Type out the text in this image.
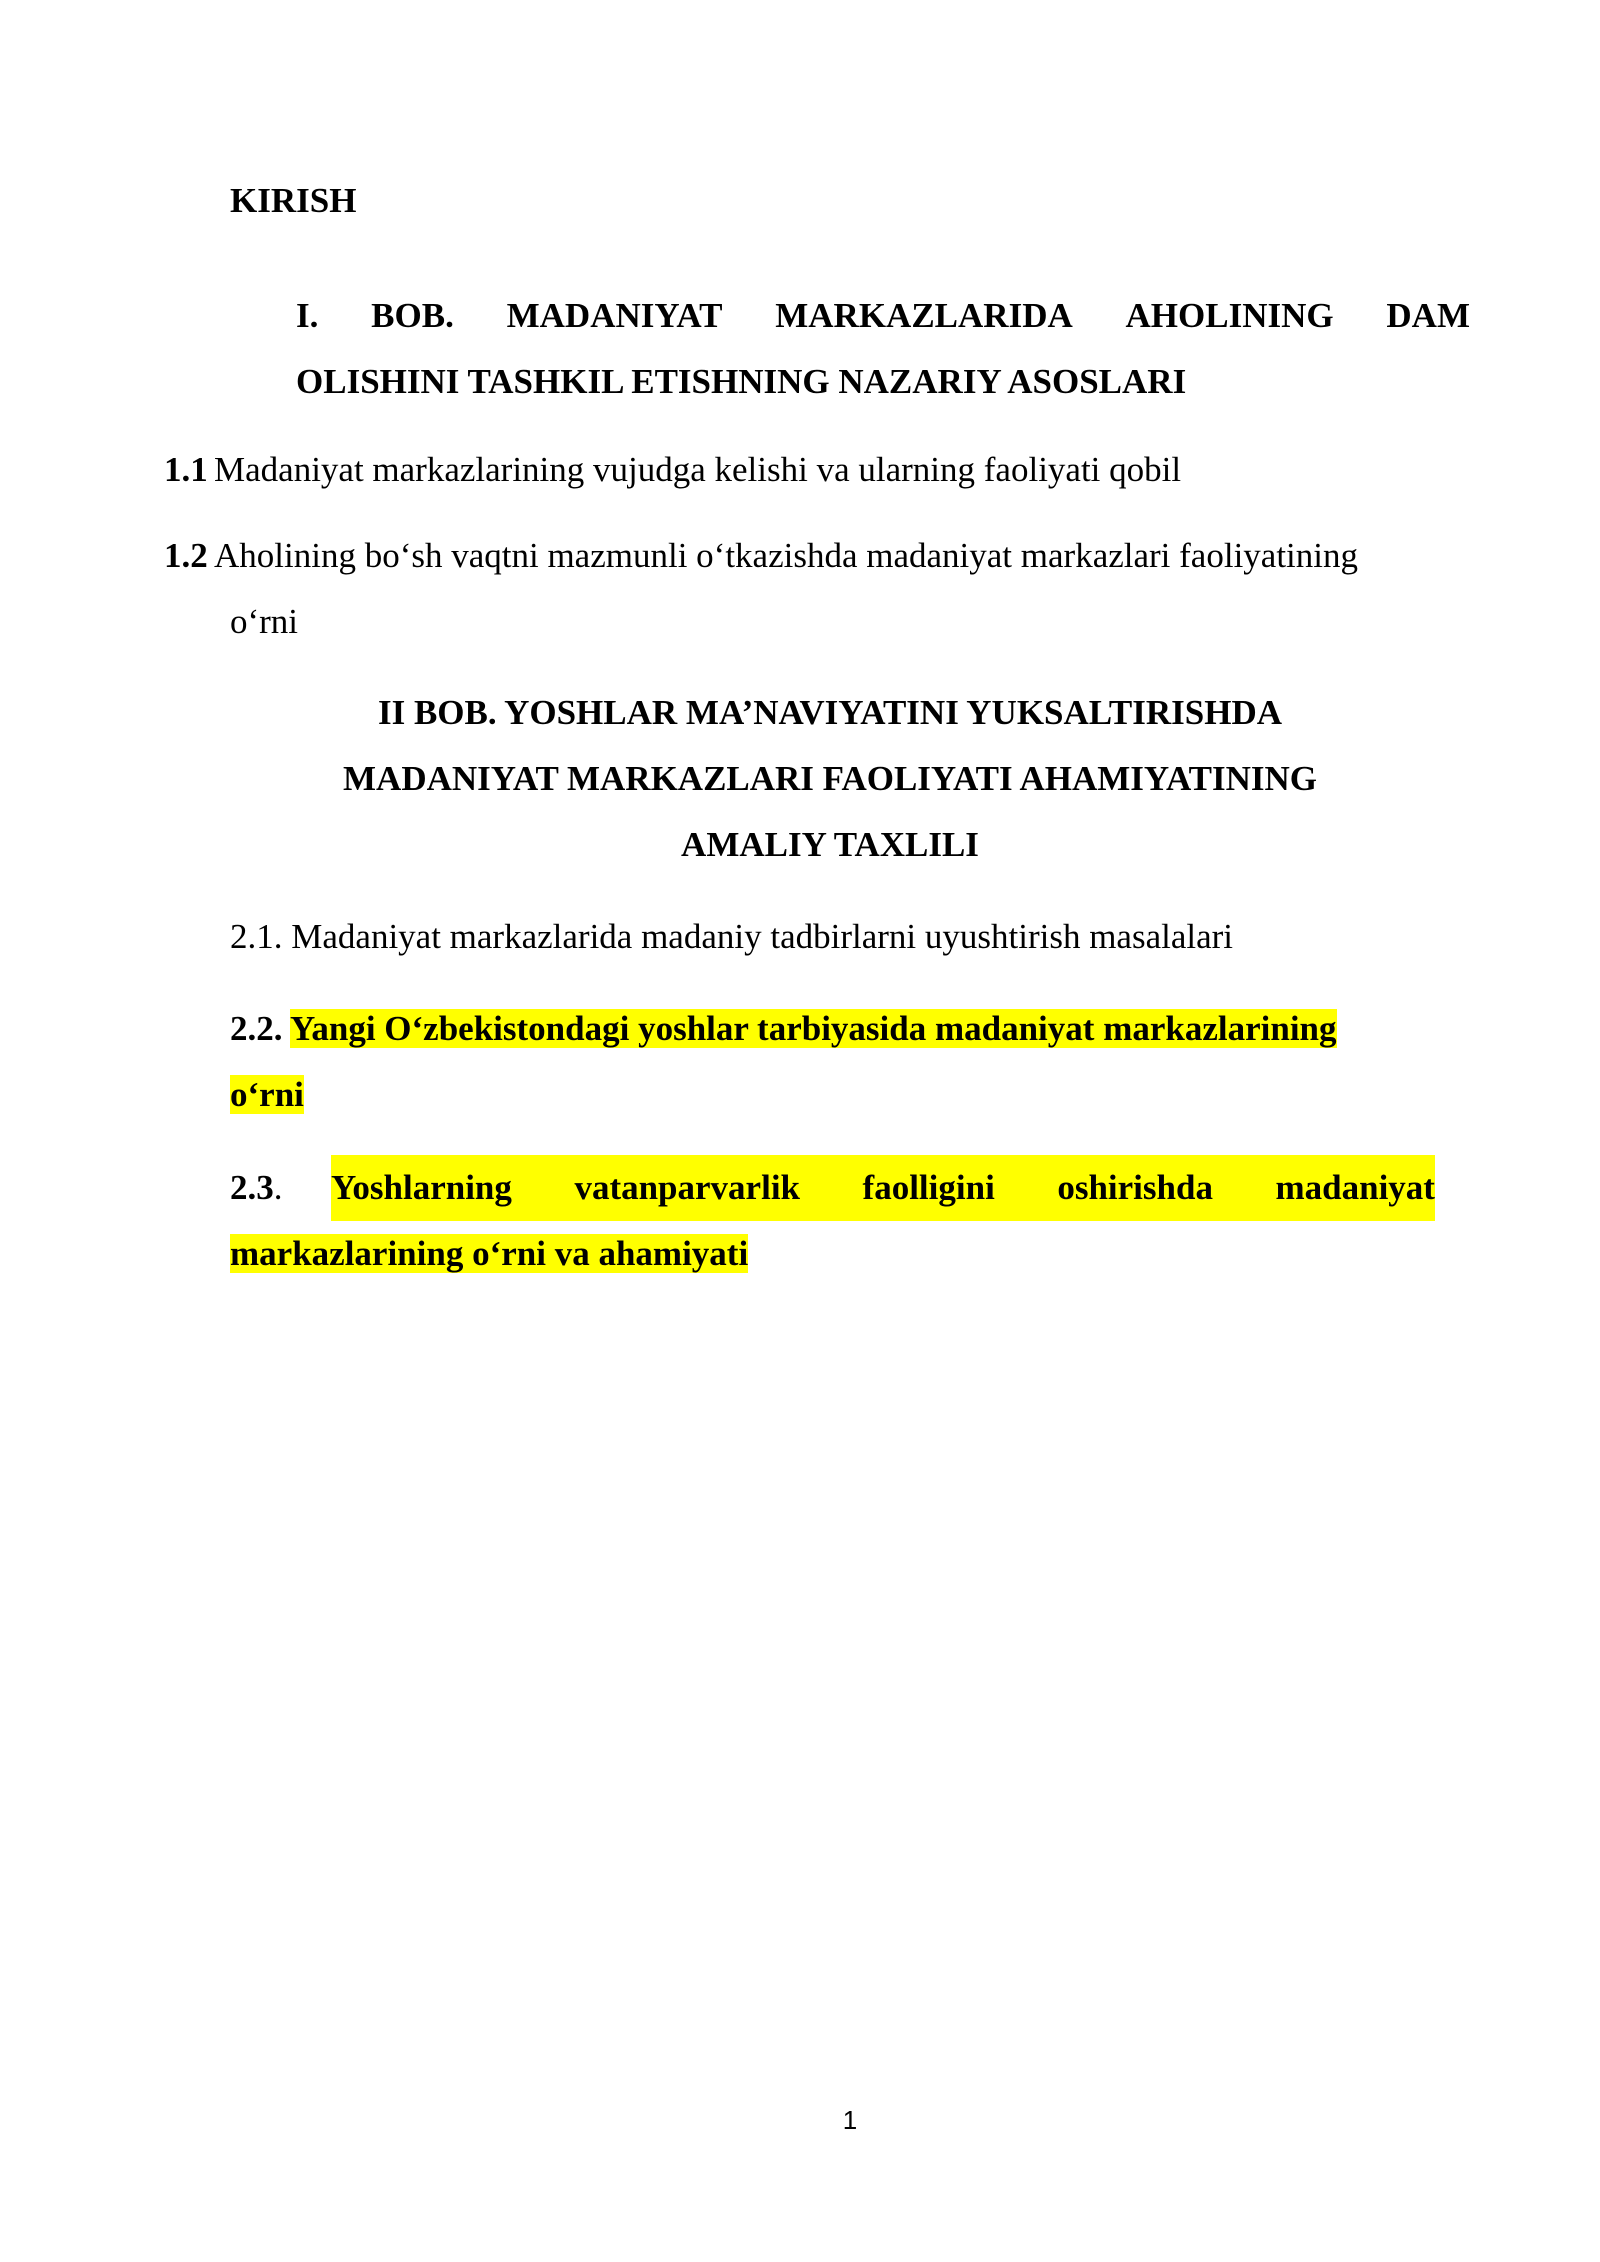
KIRISH
I. BOB. MADANIYAT MARKAZLARIDA AHOLINING DAM
OLISHINI TASHKIL ETISHNING NAZARIY ASOSLARI
1.1 Madaniyat markazlarining vujudga kelishi va ularning faoliyati qobil
1.2 Aholining bo‘sh vaqtni mazmunli o‘tkazishda madaniyat markazlari faoliyatining
o‘rni
II BOB. YOSHLAR MA’NAVIYATINI YUKSALTIRISHDA
MADANIYAT MARKAZLARI FAOLIYATI AHAMIYATINING
AMALIY TAXLILI
2.1. Madaniyat markazlarida madaniy tadbirlarni uyushtirish masalalari
2.2. Yangi O‘zbekistondagi yoshlar tarbiyasida madaniyat markazlarining
o‘rni
2.3. Yoshlarning vatanparvarlik faolligini oshirishda madaniyat
markazlarining o‘rni va ahamiyati
1
